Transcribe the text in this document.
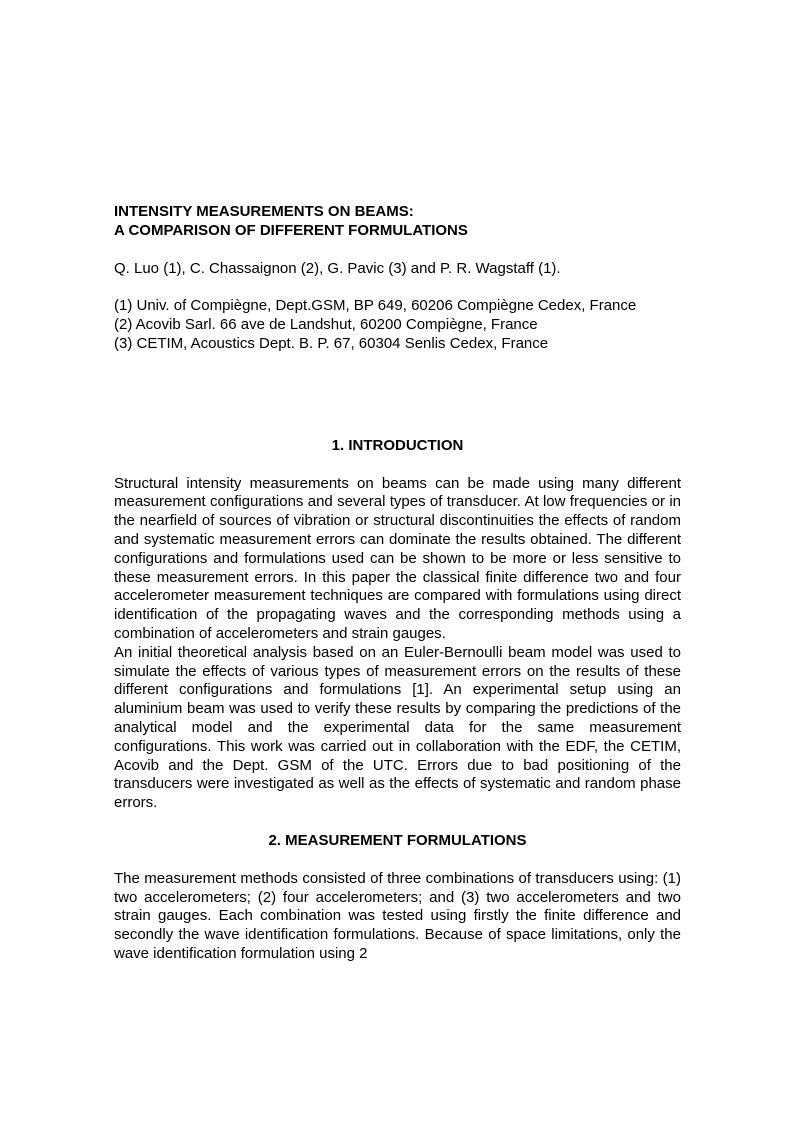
INTENSITY MEASUREMENTS ON BEAMS:

A COMPARISON OF DIFFERENT FORMULATIONS

Q. Luo (1), C. Chassaignon (2), G. Pavic (3) and P. R. Wagstaff (1).

(1) Univ. of Compiègne, Dept.GSM, BP 649, 60206 Compiègne Cedex, France

(2) Acovib Sarl. 66 ave de Landshut, 60200 Compiègne, France

(3) CETIM, Acoustics Dept. B. P. 67, 60304 Senlis Cedex, France

1. INTRODUCTION

Structural intensity measurements on beams can be made using many different measurement configurations and several types of transducer. At low frequencies or in the nearfield of sources of vibration or structural discontinuities the effects of random and systematic measurement errors can dominate the results obtained. The different configurations and formulations used can be shown to be more or less sensitive to these measurement errors. In this paper the classical finite difference two and four accelerometer measurement techniques are compared with formulations using direct identification of the propagating waves and the corresponding methods using a combination of accelerometers and strain gauges.

An initial theoretical analysis based on an Euler-Bernoulli beam model was used to simulate the effects of various types of measurement errors on the results of these different configurations and formulations [1]. An experimental setup using an aluminium beam was used to verify these results by comparing the predictions of the analytical model and the experimental data for the same measurement configurations. This work was carried out in collaboration with the EDF, the CETIM, Acovib and the Dept. GSM of the UTC. Errors due to bad positioning of the transducers were investigated as well as the effects of systematic and random phase errors.

2. MEASUREMENT FORMULATIONS

The measurement methods consisted of three combinations of transducers using: (1) two accelerometers; (2) four accelerometers; and (3) two accelerometers and two strain gauges. Each combination was tested using firstly the finite difference and secondly the wave identification formulations. Because of space limitations, only the wave identification formulation using 2
